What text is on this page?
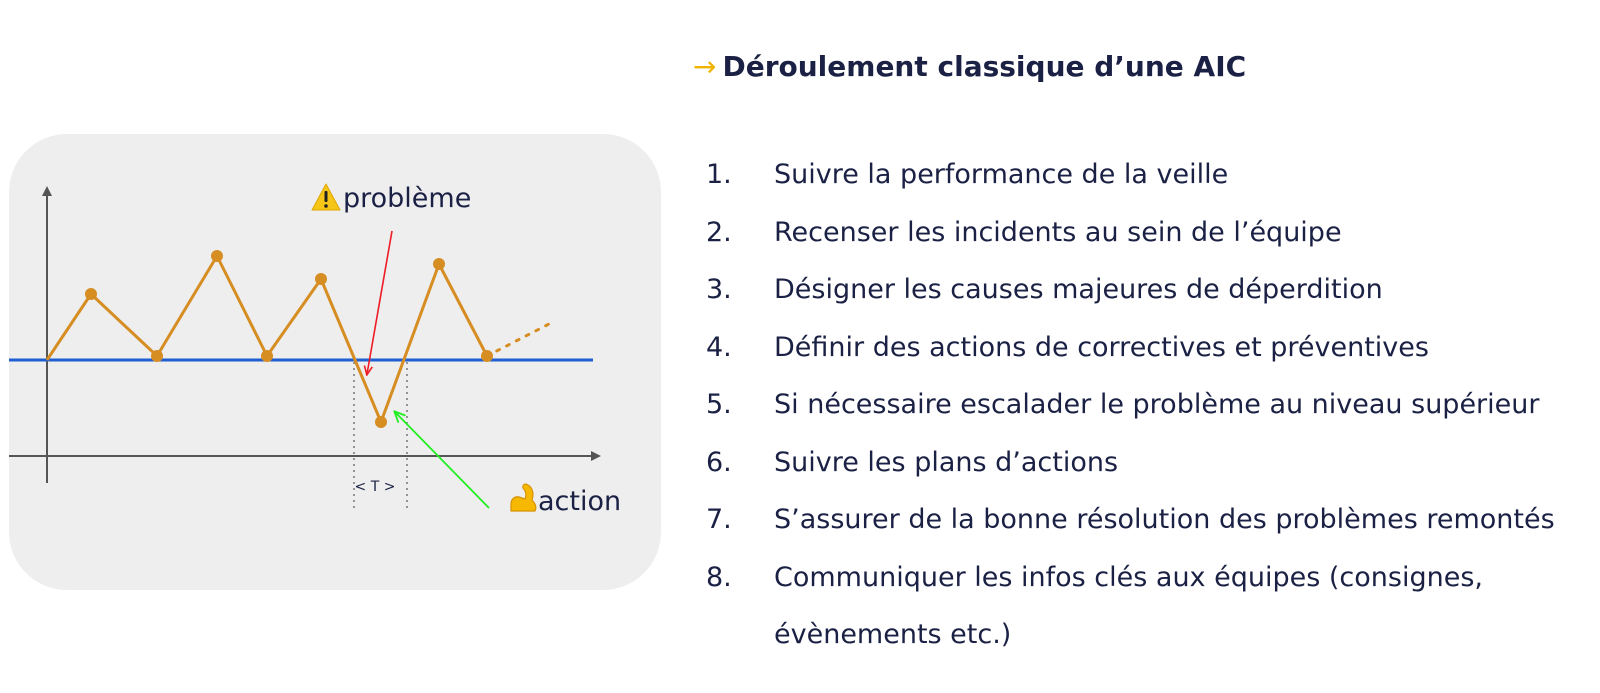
problème
< T >	action
→ Déroulement classique d’une AIC
1. Suivre la performance de la veille
2. Recenser les incidents au sein de l’équipe
3. Désigner les causes majeures de déperdition
4. Définir des actions de correctives et préventives
5. Si nécessaire escalader le problème au niveau supérieur
6. Suivre les plans d’actions
7. S’assurer de la bonne résolution des problèmes remontés
8. Communiquer les infos clés aux équipes (consignes, évènements etc.)
